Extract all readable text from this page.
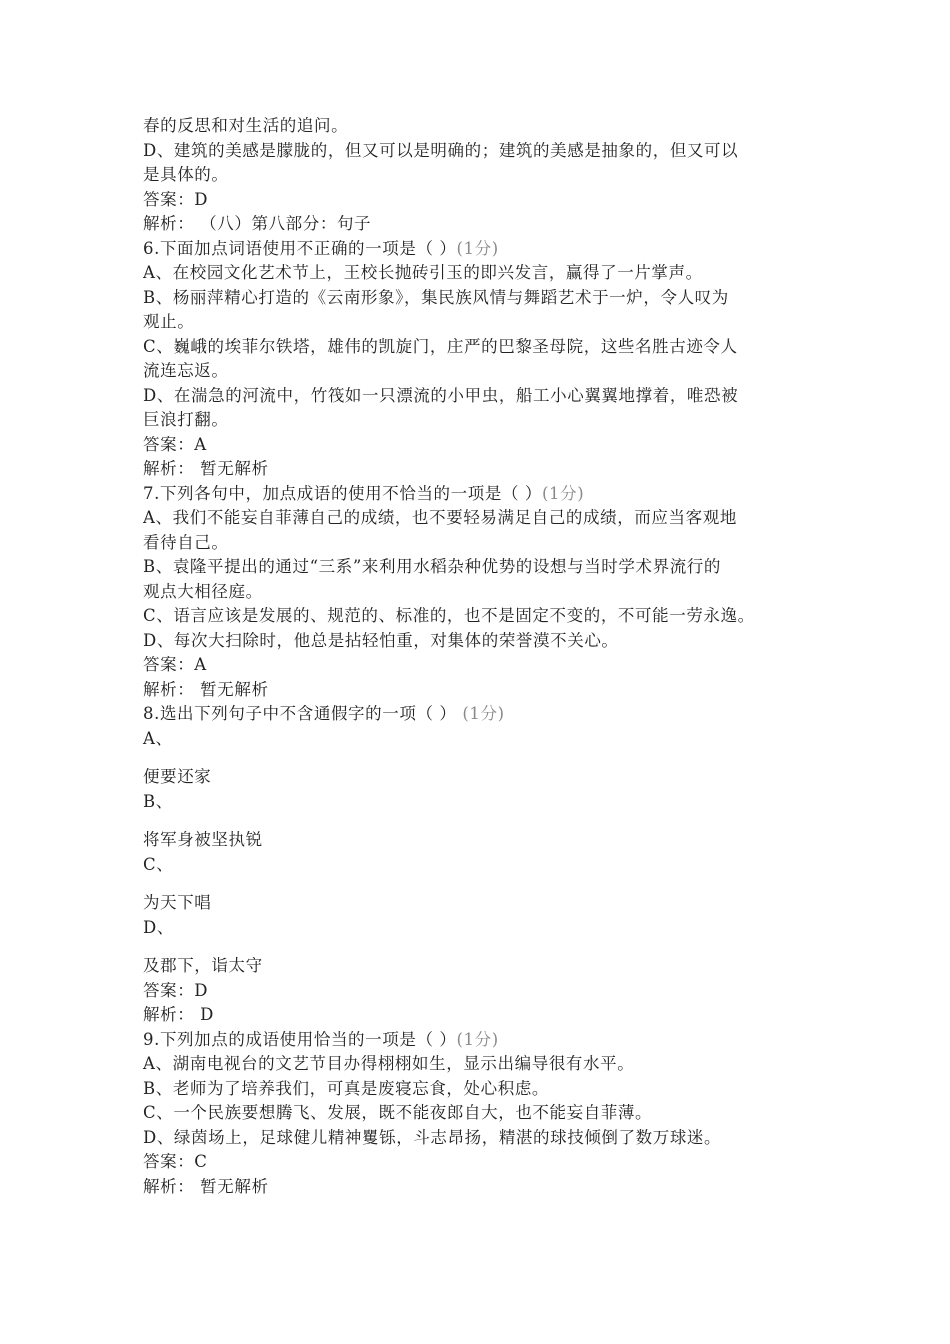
春的反思和对生活的追问。
D、建筑的美感是朦胧的，但又可以是明确的；建筑的美感是抽象的，但又可以
是具体的。
答案：D
解析： （八）第八部分：句子
6.下面加点词语使用不正确的一项是（ ）(1分)
A、在校园文化艺术节上，王校长抛砖引玉的即兴发言，赢得了一片掌声。
B、杨丽萍精心打造的《云南形象》，集民族风情与舞蹈艺术于一炉，令人叹为
观止。
C、巍峨的埃菲尔铁塔，雄伟的凯旋门，庄严的巴黎圣母院，这些名胜古迹令人
流连忘返。
D、在湍急的河流中，竹筏如一只漂流的小甲虫，船工小心翼翼地撑着，唯恐被
巨浪打翻。
答案：A
解析： 暂无解析
7.下列各句中，加点成语的使用不恰当的一项是（ ）(1分)
A、我们不能妄自菲薄自己的成绩，也不要轻易满足自己的成绩，而应当客观地
看待自己。
B、袁隆平提出的通过“三系”来利用水稻杂种优势的设想与当时学术界流行的
观点大相径庭。
C、语言应该是发展的、规范的、标准的，也不是固定不变的，不可能一劳永逸。
D、每次大扫除时，他总是拈轻怕重，对集体的荣誉漠不关心。
答案：A
解析： 暂无解析
8.选出下列句子中不含通假字的一项（ ） (1分)
A、
便要还家
B、
将军身被坚执锐
C、
为天下唱
D、
及郡下，诣太守
答案：D
解析： D
9.下列加点的成语使用恰当的一项是（ ）(1分)
A、湖南电视台的文艺节目办得栩栩如生，显示出编导很有水平。
B、老师为了培养我们，可真是废寝忘食，处心积虑。
C、一个民族要想腾飞、发展，既不能夜郎自大，也不能妄自菲薄。
D、绿茵场上，足球健儿精神矍铄，斗志昂扬，精湛的球技倾倒了数万球迷。
答案：C
解析： 暂无解析
